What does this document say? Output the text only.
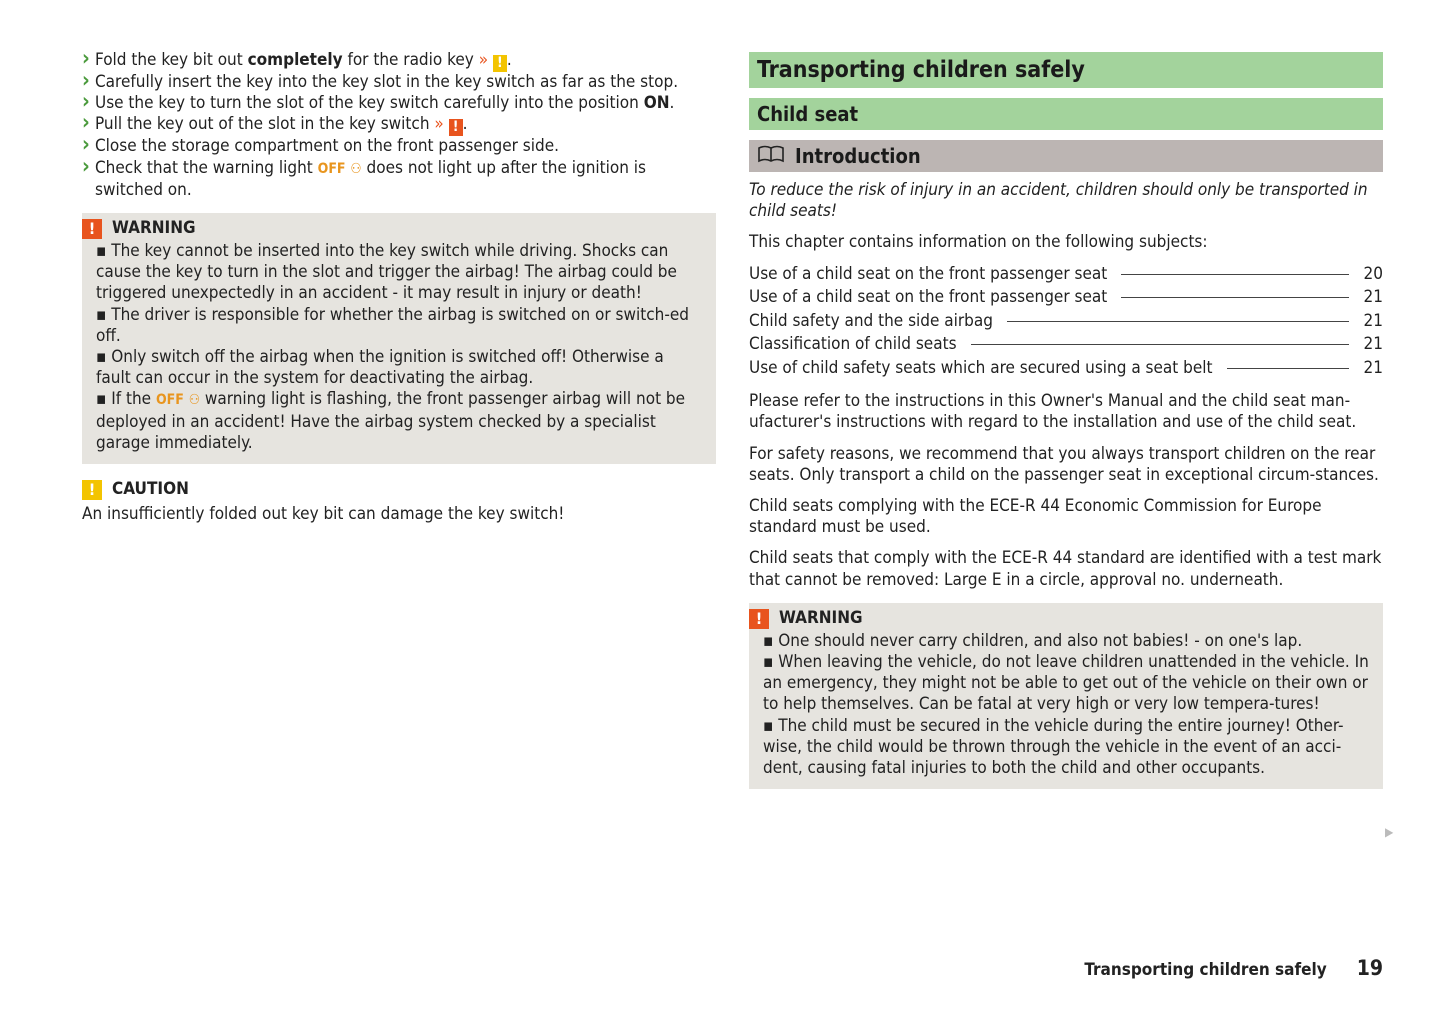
› Fold the key bit out completely for the radio key » ! .
› Carefully insert the key into the key slot in the key switch as far as the stop.
› Use the key to turn the slot of the key switch carefully into the position ON.
› Pull the key out of the slot in the key switch » ! .
› Close the storage compartment on the front passenger side.
› Check that the warning light OFF ⚇ does not light up after the ignition is switched on.
! WARNING
▪ The key cannot be inserted into the key switch while driving. Shocks can cause the key to turn in the slot and trigger the airbag! The airbag could be triggered unexpectedly in an accident - it may result in injury or death!
▪ The driver is responsible for whether the airbag is switched on or switch-ed off.
▪ Only switch off the airbag when the ignition is switched off! Otherwise a fault can occur in the system for deactivating the airbag.
▪ If the OFF ⚇ warning light is flashing, the front passenger airbag will not be deployed in an accident! Have the airbag system checked by a specialist garage immediately.
! CAUTION
An insufficiently folded out key bit can damage the key switch!
Transporting children safely
Child seat
Introduction
To reduce the risk of injury in an accident, children should only be transported in child seats!

This chapter contains information on the following subjects:

Use of a child seat on the front passenger seat	20
Use of a child seat on the front passenger seat	21
Child safety and the side airbag	21
Classification of child seats	21
Use of child safety seats which are secured using a seat belt	21

Please refer to the instructions in this Owner's Manual and the child seat man-ufacturer's instructions with regard to the installation and use of the child seat.

For safety reasons, we recommend that you always transport children on the rear seats. Only transport a child on the passenger seat in exceptional circum-stances.

Child seats complying with the ECE-R 44 Economic Commission for Europe standard must be used.

Child seats that comply with the ECE-R 44 standard are identified with a test mark that cannot be removed: Large E in a circle, approval no. underneath.

! WARNING
▪ One should never carry children, and also not babies! - on one's lap.
▪ When leaving the vehicle, do not leave children unattended in the vehicle. In an emergency, they might not be able to get out of the vehicle on their own or to help themselves. Can be fatal at very high or very low tempera-tures!
▪ The child must be secured in the vehicle during the entire journey! Other-wise, the child would be thrown through the vehicle in the event of an acci-dent, causing fatal injuries to both the child and other occupants.
▶
Transporting children safely 19
